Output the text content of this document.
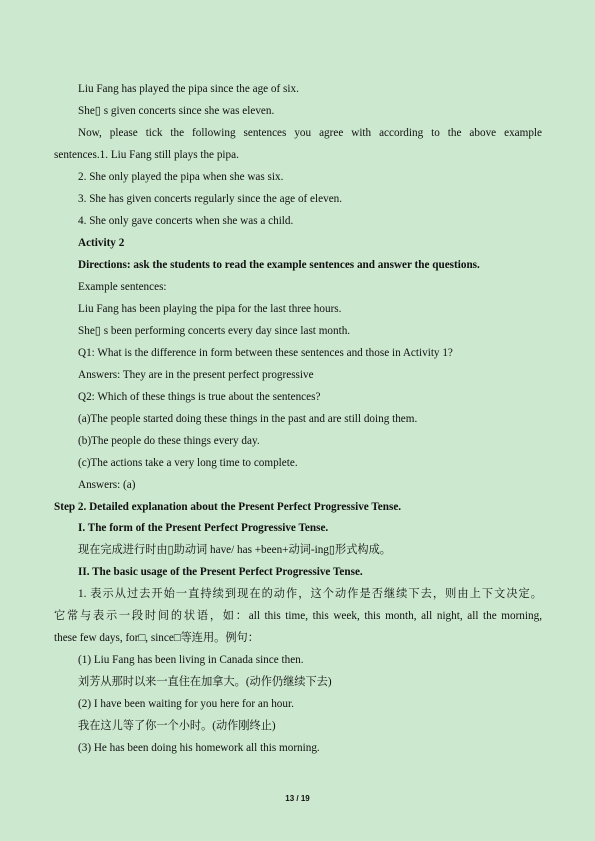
Liu Fang has played the pipa since the age of six.
She▯ s given concerts since she was eleven.
Now, please tick the following sentences you agree with according to the above example
sentences.1. Liu Fang still plays the pipa.
2. She only played the pipa when she was six.
3. She has given concerts regularly since the age of eleven.
4. She only gave concerts when she was a child.
Activity 2
Directions: ask the students to read the example sentences and answer the questions.
Example sentences:
Liu Fang has been playing the pipa for the last three hours.
She▯ s been performing concerts every day since last month.
Q1: What is the difference in form between these sentences and those in Activity 1?
Answers: They are in the present perfect progressive
Q2: Which of these things is true about the sentences?
(a)The people started doing these things in the past and are still doing them.
(b)The people do these things every day.
(c)The actions take a very long time to complete.
Answers: (a)
Step 2. Detailed explanation about the Present Perfect Progressive Tense.
I. The form of the Present Perfect Progressive Tense.
现在完成进行时由▯助动词 have/ has +been+动词-ing▯形式构成。
II. The basic usage of the Present Perfect Progressive Tense.
1. 表示从过去开始一直持续到现在的动作，这个动作是否继续下去，则由上下文决定。
它常与表示一段时间的状语，如：all this time, this week, this month, all night, all the morning,
these few days, for□, since□等连用。例句：
(1) Liu Fang has been living in Canada since then.
刘芳从那时以来一直住在加拿大。(动作仍继续下去)
(2) I have been waiting for you here for an hour.
我在这儿等了你一个小时。(动作刚终止)
(3) He has been doing his homework all this morning.
13 / 19
